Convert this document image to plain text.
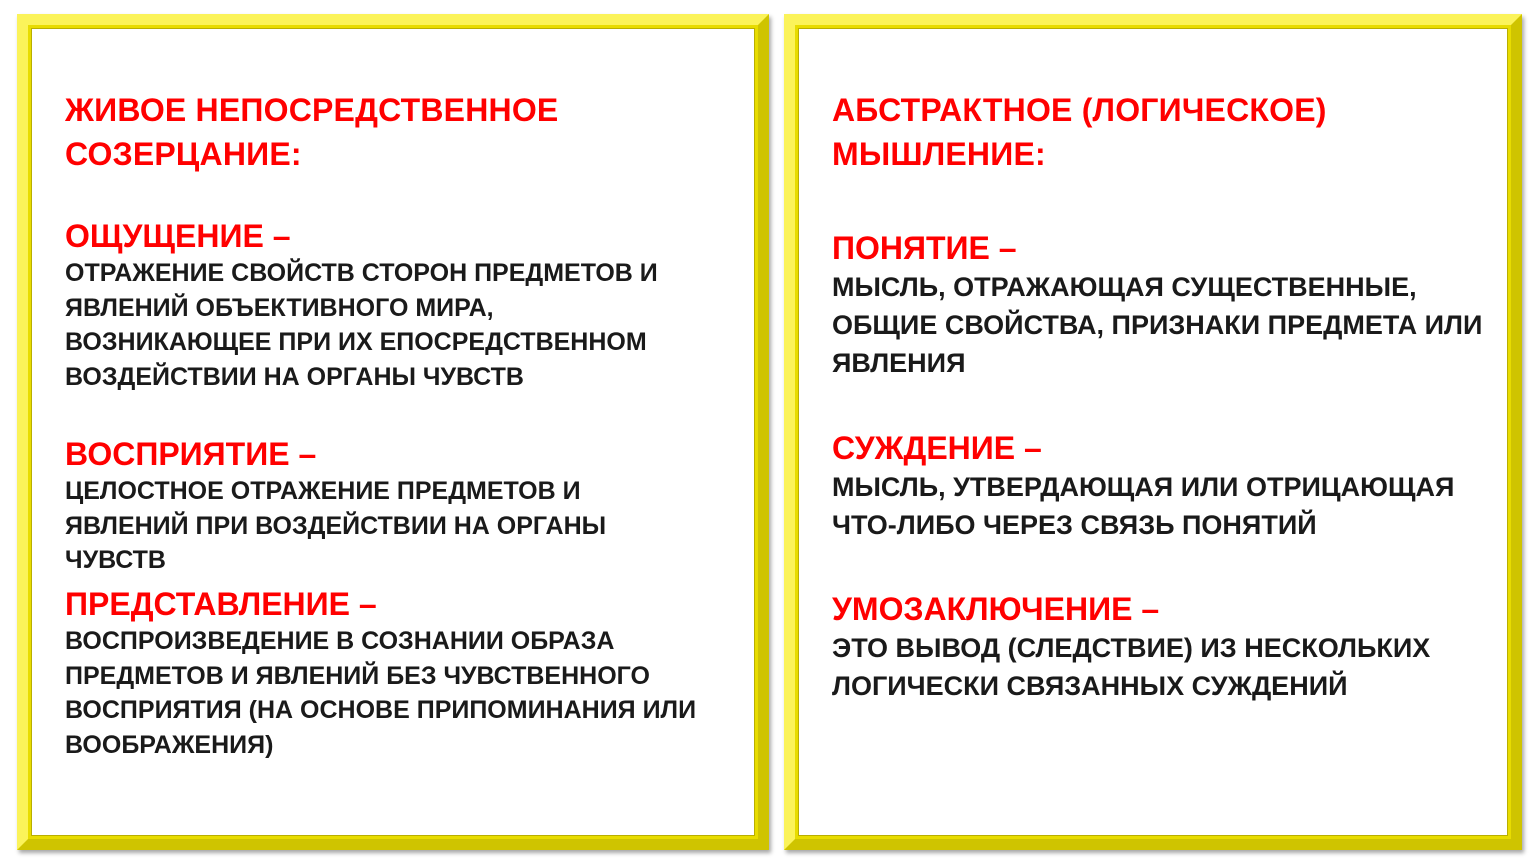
ЖИВОЕ НЕПОСРЕДСТВЕННОЕ СОЗЕРЦАНИЕ:

ОЩУЩЕНИЕ –

ОТРАЖЕНИЕ СВОЙСТВ СТОРОН ПРЕДМЕТОВ И ЯВЛЕНИЙ ОБЪЕКТИВНОГО МИРА, ВОЗНИКАЮЩЕЕ ПРИ ИХ ЕПОСРЕДСТВЕННОМ ВОЗДЕЙСТВИИ НА ОРГАНЫ ЧУВСТВ

ВОСПРИЯТИЕ –

ЦЕЛОСТНОЕ ОТРАЖЕНИЕ ПРЕДМЕТОВ И ЯВЛЕНИЙ ПРИ ВОЗДЕЙСТВИИ НА ОРГАНЫ ЧУВСТВ

ПРЕДСТАВЛЕНИЕ –

ВОСПРОИЗВЕДЕНИЕ В СОЗНАНИИ ОБРАЗА ПРЕДМЕТОВ И ЯВЛЕНИЙ БЕЗ ЧУВСТВЕННОГО ВОСПРИЯТИЯ (НА ОСНОВЕ ПРИПОМИНАНИЯ ИЛИ ВООБРАЖЕНИЯ)

АБСТРАКТНОЕ (ЛОГИЧЕСКОЕ) МЫШЛЕНИЕ:

ПОНЯТИЕ –

МЫСЛЬ, ОТРАЖАЮЩАЯ СУЩЕСТВЕННЫЕ, ОБЩИЕ СВОЙСТВА, ПРИЗНАКИ ПРЕДМЕТА ИЛИ ЯВЛЕНИЯ

СУЖДЕНИЕ –

МЫСЛЬ, УТВЕРДАЮЩАЯ ИЛИ ОТРИЦАЮЩАЯ ЧТО-ЛИБО ЧЕРЕЗ СВЯЗЬ ПОНЯТИЙ

УМОЗАКЛЮЧЕНИЕ –

ЭТО ВЫВОД (СЛЕДСТВИЕ) ИЗ НЕСКОЛЬКИХ ЛОГИЧЕСКИ СВЯЗАННЫХ СУЖДЕНИЙ
